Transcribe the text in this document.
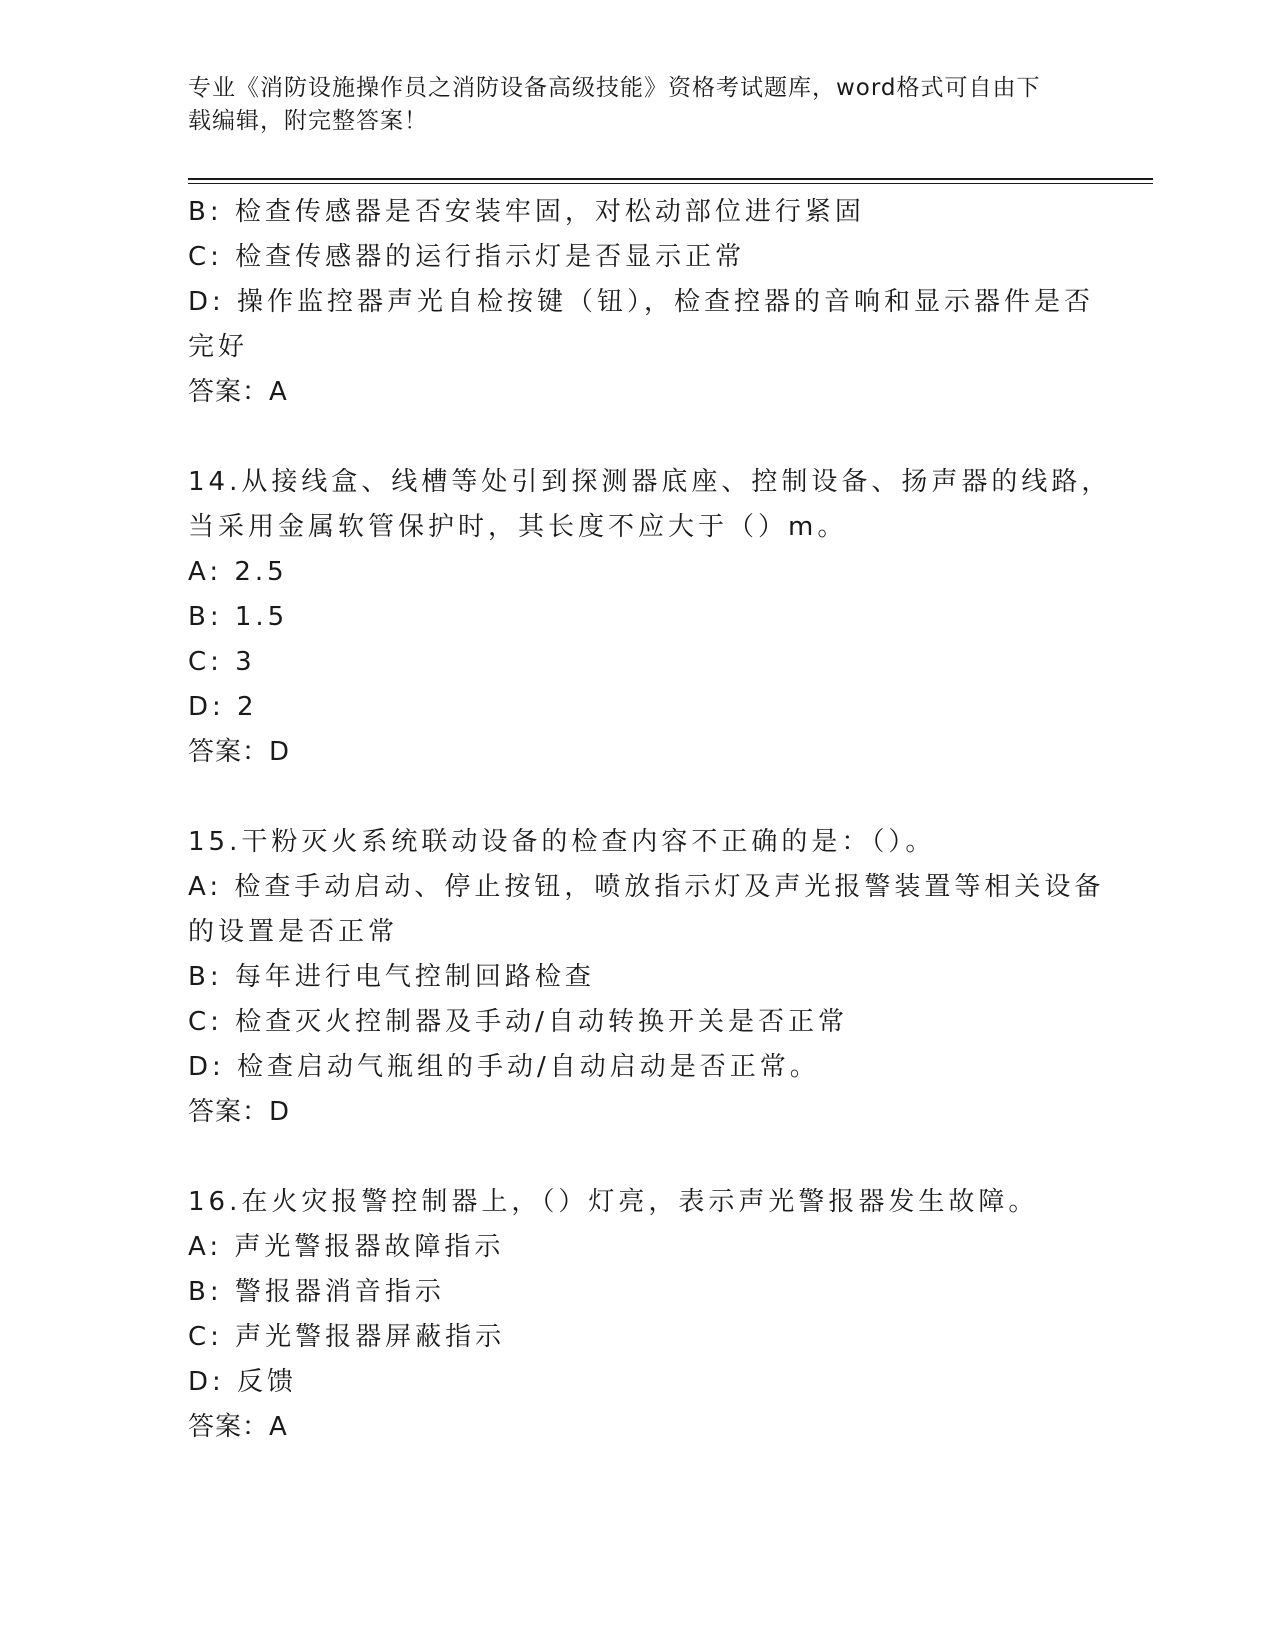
专业《消防设施操作员之消防设备高级技能》资格考试题库，word格式可自由下
载编辑，附完整答案！
B: 检查传感器是否安装牢固，对松动部位进行紧固
C: 检查传感器的运行指示灯是否显示正常
D: 操作监控器声光自检按键（钮），检查控器的音响和显示器件是否
完好
答案：A
14.从接线盒、线槽等处引到探测器底座、控制设备、扬声器的线路，
当采用金属软管保护时，其长度不应大于（）m。
A: 2.5
B: 1.5
C: 3
D: 2
答案：D
15.干粉灭火系统联动设备的检查内容不正确的是：（）。
A: 检查手动启动、停止按钮，喷放指示灯及声光报警装置等相关设备
的设置是否正常
B: 每年进行电气控制回路检查
C: 检查灭火控制器及手动/自动转换开关是否正常
D: 检查启动气瓶组的手动/自动启动是否正常。
答案：D
16.在火灾报警控制器上，（）灯亮，表示声光警报器发生故障。
A: 声光警报器故障指示
B: 警报器消音指示
C: 声光警报器屏蔽指示
D: 反馈
答案：A
